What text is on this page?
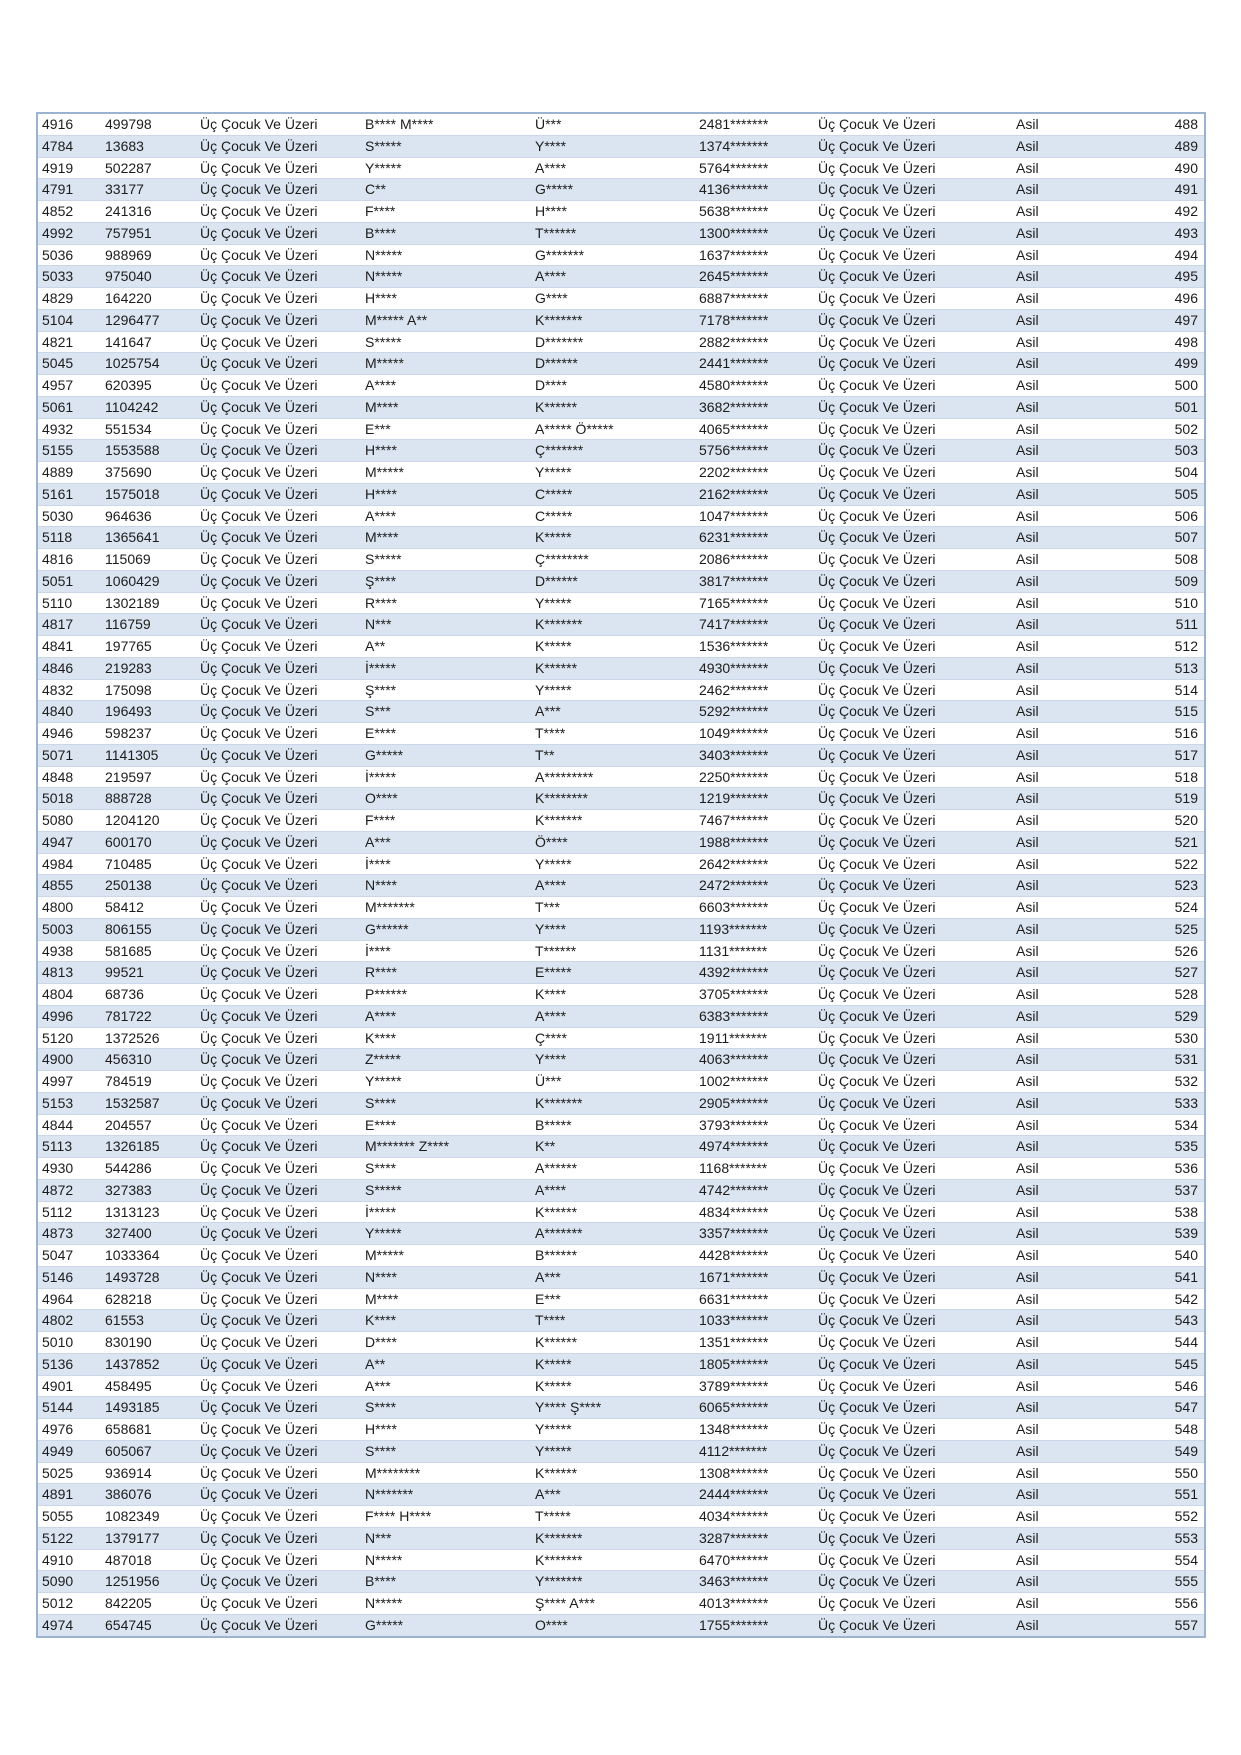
4916	499798	Üç Çocuk Ve Üzeri	B**** M****	Ü***	2481*******	Üç Çocuk Ve Üzeri	Asil	488
4784	13683	Üç Çocuk Ve Üzeri	S*****	Y****	1374*******	Üç Çocuk Ve Üzeri	Asil	489
4919	502287	Üç Çocuk Ve Üzeri	Y*****	A****	5764*******	Üç Çocuk Ve Üzeri	Asil	490
4791	33177	Üç Çocuk Ve Üzeri	C**	G*****	4136*******	Üç Çocuk Ve Üzeri	Asil	491
4852	241316	Üç Çocuk Ve Üzeri	F****	H****	5638*******	Üç Çocuk Ve Üzeri	Asil	492
4992	757951	Üç Çocuk Ve Üzeri	B****	T******	1300*******	Üç Çocuk Ve Üzeri	Asil	493
5036	988969	Üç Çocuk Ve Üzeri	N*****	G*******	1637*******	Üç Çocuk Ve Üzeri	Asil	494
5033	975040	Üç Çocuk Ve Üzeri	N*****	A****	2645*******	Üç Çocuk Ve Üzeri	Asil	495
4829	164220	Üç Çocuk Ve Üzeri	H****	G****	6887*******	Üç Çocuk Ve Üzeri	Asil	496
5104	1296477	Üç Çocuk Ve Üzeri	M***** A**	K*******	7178*******	Üç Çocuk Ve Üzeri	Asil	497
4821	141647	Üç Çocuk Ve Üzeri	S*****	D*******	2882*******	Üç Çocuk Ve Üzeri	Asil	498
5045	1025754	Üç Çocuk Ve Üzeri	M*****	D******	2441*******	Üç Çocuk Ve Üzeri	Asil	499
4957	620395	Üç Çocuk Ve Üzeri	A****	D****	4580*******	Üç Çocuk Ve Üzeri	Asil	500
5061	1104242	Üç Çocuk Ve Üzeri	M****	K******	3682*******	Üç Çocuk Ve Üzeri	Asil	501
4932	551534	Üç Çocuk Ve Üzeri	E***	A***** Ö*****	4065*******	Üç Çocuk Ve Üzeri	Asil	502
5155	1553588	Üç Çocuk Ve Üzeri	H****	Ç*******	5756*******	Üç Çocuk Ve Üzeri	Asil	503
4889	375690	Üç Çocuk Ve Üzeri	M*****	Y*****	2202*******	Üç Çocuk Ve Üzeri	Asil	504
5161	1575018	Üç Çocuk Ve Üzeri	H****	C*****	2162*******	Üç Çocuk Ve Üzeri	Asil	505
5030	964636	Üç Çocuk Ve Üzeri	A****	C*****	1047*******	Üç Çocuk Ve Üzeri	Asil	506
5118	1365641	Üç Çocuk Ve Üzeri	M****	K*****	6231*******	Üç Çocuk Ve Üzeri	Asil	507
4816	115069	Üç Çocuk Ve Üzeri	S*****	Ç********	2086*******	Üç Çocuk Ve Üzeri	Asil	508
5051	1060429	Üç Çocuk Ve Üzeri	Ş****	D******	3817*******	Üç Çocuk Ve Üzeri	Asil	509
5110	1302189	Üç Çocuk Ve Üzeri	R****	Y*****	7165*******	Üç Çocuk Ve Üzeri	Asil	510
4817	116759	Üç Çocuk Ve Üzeri	N***	K*******	7417*******	Üç Çocuk Ve Üzeri	Asil	511
4841	197765	Üç Çocuk Ve Üzeri	A**	K*****	1536*******	Üç Çocuk Ve Üzeri	Asil	512
4846	219283	Üç Çocuk Ve Üzeri	İ*****	K******	4930*******	Üç Çocuk Ve Üzeri	Asil	513
4832	175098	Üç Çocuk Ve Üzeri	Ş****	Y*****	2462*******	Üç Çocuk Ve Üzeri	Asil	514
4840	196493	Üç Çocuk Ve Üzeri	S***	A***	5292*******	Üç Çocuk Ve Üzeri	Asil	515
4946	598237	Üç Çocuk Ve Üzeri	E****	T****	1049*******	Üç Çocuk Ve Üzeri	Asil	516
5071	1141305	Üç Çocuk Ve Üzeri	G*****	T**	3403*******	Üç Çocuk Ve Üzeri	Asil	517
4848	219597	Üç Çocuk Ve Üzeri	İ*****	A*********	2250*******	Üç Çocuk Ve Üzeri	Asil	518
5018	888728	Üç Çocuk Ve Üzeri	O****	K********	1219*******	Üç Çocuk Ve Üzeri	Asil	519
5080	1204120	Üç Çocuk Ve Üzeri	F****	K*******	7467*******	Üç Çocuk Ve Üzeri	Asil	520
4947	600170	Üç Çocuk Ve Üzeri	A***	Ö****	1988*******	Üç Çocuk Ve Üzeri	Asil	521
4984	710485	Üç Çocuk Ve Üzeri	İ****	Y*****	2642*******	Üç Çocuk Ve Üzeri	Asil	522
4855	250138	Üç Çocuk Ve Üzeri	N****	A****	2472*******	Üç Çocuk Ve Üzeri	Asil	523
4800	58412	Üç Çocuk Ve Üzeri	M*******	T***	6603*******	Üç Çocuk Ve Üzeri	Asil	524
5003	806155	Üç Çocuk Ve Üzeri	G******	Y****	1193*******	Üç Çocuk Ve Üzeri	Asil	525
4938	581685	Üç Çocuk Ve Üzeri	İ****	T******	1131*******	Üç Çocuk Ve Üzeri	Asil	526
4813	99521	Üç Çocuk Ve Üzeri	R****	E*****	4392*******	Üç Çocuk Ve Üzeri	Asil	527
4804	68736	Üç Çocuk Ve Üzeri	P******	K****	3705*******	Üç Çocuk Ve Üzeri	Asil	528
4996	781722	Üç Çocuk Ve Üzeri	A****	A****	6383*******	Üç Çocuk Ve Üzeri	Asil	529
5120	1372526	Üç Çocuk Ve Üzeri	K****	Ç****	1911*******	Üç Çocuk Ve Üzeri	Asil	530
4900	456310	Üç Çocuk Ve Üzeri	Z*****	Y****	4063*******	Üç Çocuk Ve Üzeri	Asil	531
4997	784519	Üç Çocuk Ve Üzeri	Y*****	Ü***	1002*******	Üç Çocuk Ve Üzeri	Asil	532
5153	1532587	Üç Çocuk Ve Üzeri	S****	K*******	2905*******	Üç Çocuk Ve Üzeri	Asil	533
4844	204557	Üç Çocuk Ve Üzeri	E****	B*****	3793*******	Üç Çocuk Ve Üzeri	Asil	534
5113	1326185	Üç Çocuk Ve Üzeri	M******* Z****	K**	4974*******	Üç Çocuk Ve Üzeri	Asil	535
4930	544286	Üç Çocuk Ve Üzeri	S****	A******	1168*******	Üç Çocuk Ve Üzeri	Asil	536
4872	327383	Üç Çocuk Ve Üzeri	S*****	A****	4742*******	Üç Çocuk Ve Üzeri	Asil	537
5112	1313123	Üç Çocuk Ve Üzeri	İ*****	K******	4834*******	Üç Çocuk Ve Üzeri	Asil	538
4873	327400	Üç Çocuk Ve Üzeri	Y*****	A*******	3357*******	Üç Çocuk Ve Üzeri	Asil	539
5047	1033364	Üç Çocuk Ve Üzeri	M*****	B******	4428*******	Üç Çocuk Ve Üzeri	Asil	540
5146	1493728	Üç Çocuk Ve Üzeri	N****	A***	1671*******	Üç Çocuk Ve Üzeri	Asil	541
4964	628218	Üç Çocuk Ve Üzeri	M****	E***	6631*******	Üç Çocuk Ve Üzeri	Asil	542
4802	61553	Üç Çocuk Ve Üzeri	K****	T****	1033*******	Üç Çocuk Ve Üzeri	Asil	543
5010	830190	Üç Çocuk Ve Üzeri	D****	K******	1351*******	Üç Çocuk Ve Üzeri	Asil	544
5136	1437852	Üç Çocuk Ve Üzeri	A**	K*****	1805*******	Üç Çocuk Ve Üzeri	Asil	545
4901	458495	Üç Çocuk Ve Üzeri	A***	K*****	3789*******	Üç Çocuk Ve Üzeri	Asil	546
5144	1493185	Üç Çocuk Ve Üzeri	S****	Y**** Ş****	6065*******	Üç Çocuk Ve Üzeri	Asil	547
4976	658681	Üç Çocuk Ve Üzeri	H****	Y*****	1348*******	Üç Çocuk Ve Üzeri	Asil	548
4949	605067	Üç Çocuk Ve Üzeri	S****	Y*****	4112*******	Üç Çocuk Ve Üzeri	Asil	549
5025	936914	Üç Çocuk Ve Üzeri	M********	K******	1308*******	Üç Çocuk Ve Üzeri	Asil	550
4891	386076	Üç Çocuk Ve Üzeri	N*******	A***	2444*******	Üç Çocuk Ve Üzeri	Asil	551
5055	1082349	Üç Çocuk Ve Üzeri	F**** H****	T*****	4034*******	Üç Çocuk Ve Üzeri	Asil	552
5122	1379177	Üç Çocuk Ve Üzeri	N***	K*******	3287*******	Üç Çocuk Ve Üzeri	Asil	553
4910	487018	Üç Çocuk Ve Üzeri	N*****	K*******	6470*******	Üç Çocuk Ve Üzeri	Asil	554
5090	1251956	Üç Çocuk Ve Üzeri	B****	Y*******	3463*******	Üç Çocuk Ve Üzeri	Asil	555
5012	842205	Üç Çocuk Ve Üzeri	N*****	Ş**** A***	4013*******	Üç Çocuk Ve Üzeri	Asil	556
4974	654745	Üç Çocuk Ve Üzeri	G*****	O****	1755*******	Üç Çocuk Ve Üzeri	Asil	557
